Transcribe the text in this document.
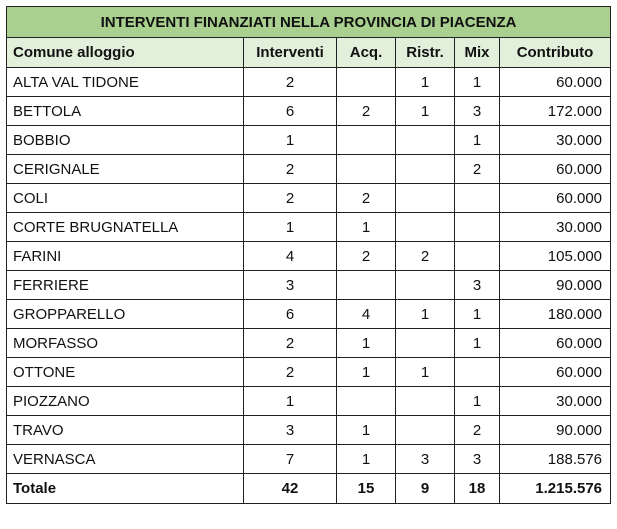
INTERVENTI FINANZIATI NELLA PROVINCIA DI PIACENZA					
Comune alloggio	Interventi	Acq.	Ristr.	Mix	Contributo
ALTA VAL TIDONE	2		1	1	60.000
BETTOLA	6	2	1	3	172.000
BOBBIO	1			1	30.000
CERIGNALE	2			2	60.000
COLI	2	2			60.000
CORTE BRUGNATELLA	1	1			30.000
FARINI	4	2	2		105.000
FERRIERE	3			3	90.000
GROPPARELLO	6	4	1	1	180.000
MORFASSO	2	1		1	60.000
OTTONE	2	1	1		60.000
PIOZZANO	1			1	30.000
TRAVO	3	1		2	90.000
VERNASCA	7	1	3	3	188.576
Totale	42	15	9	18	1.215.576
